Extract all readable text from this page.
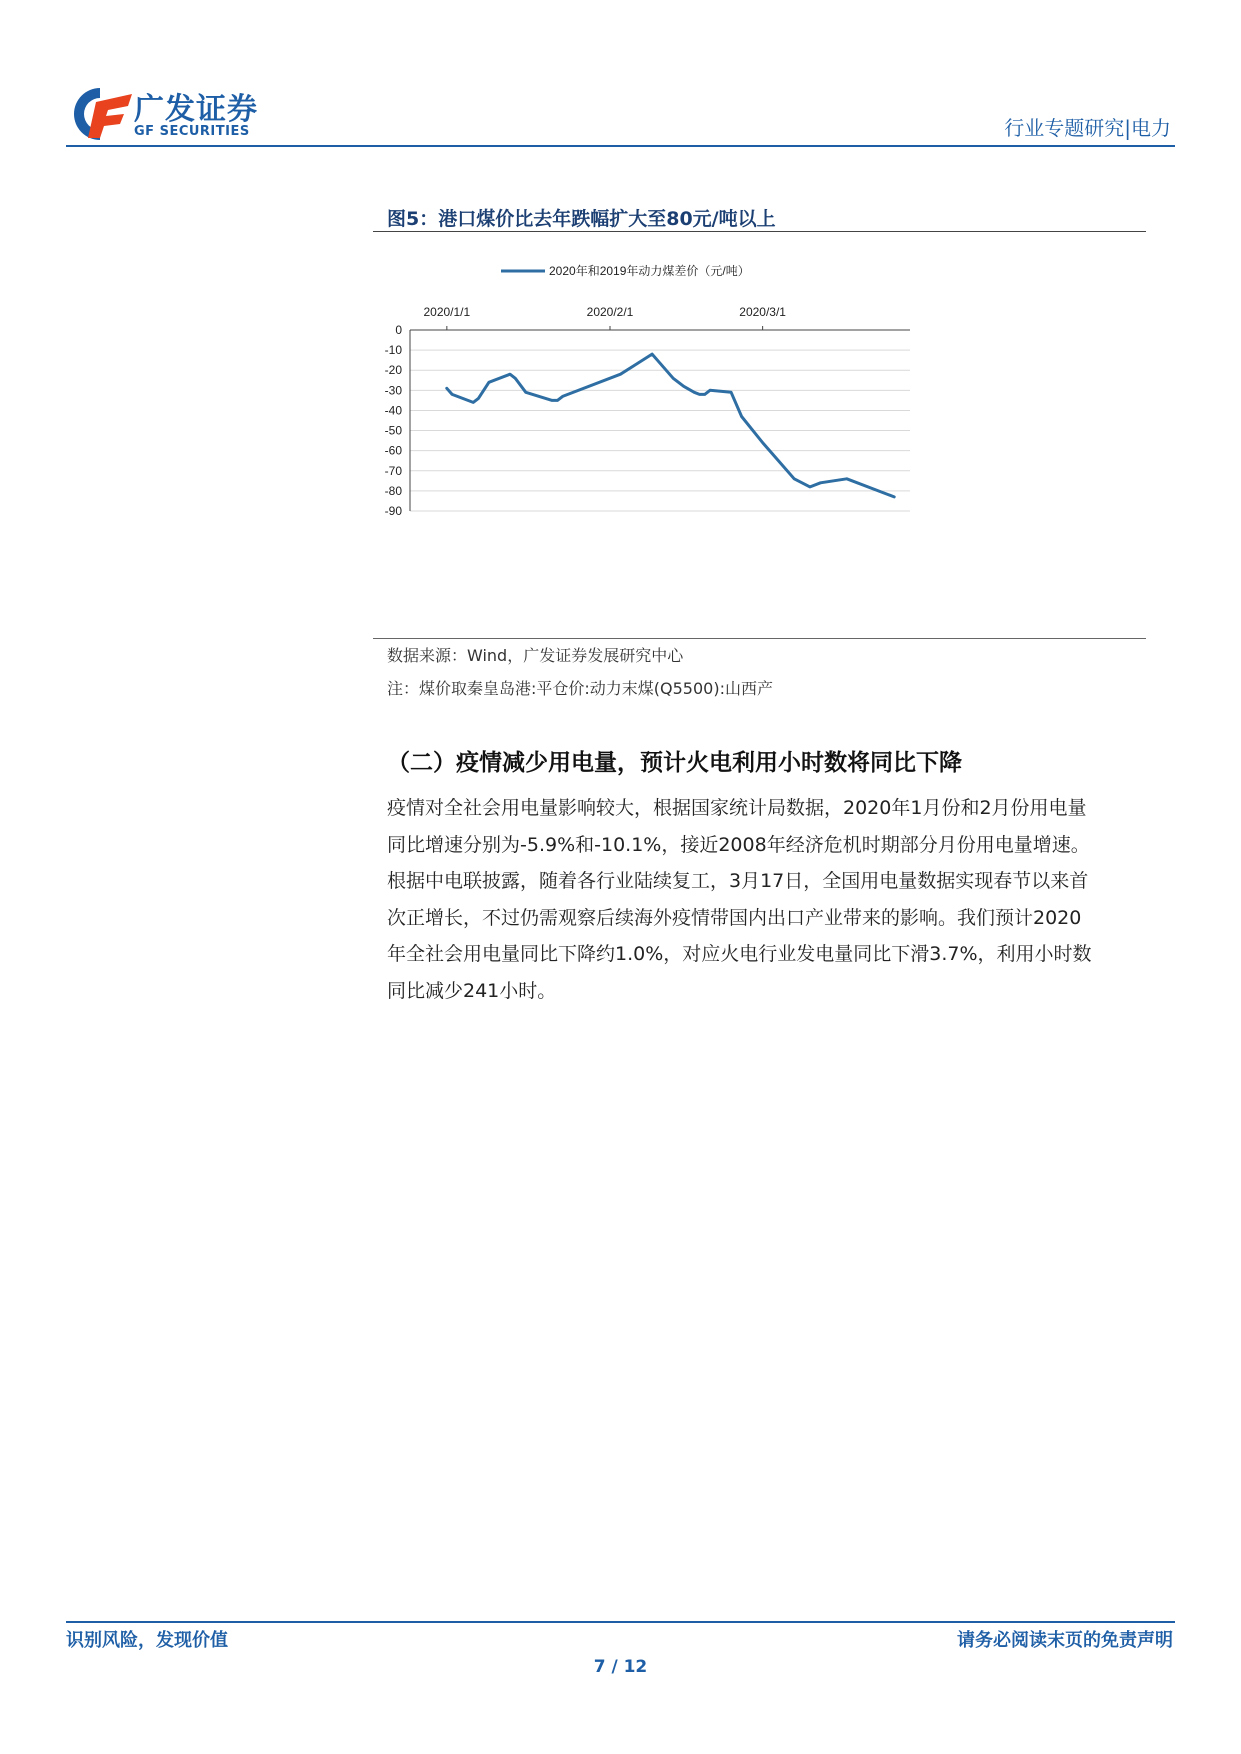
广发证券
GF SECURITIES	行业专题研究|电力
图5：港口煤价比去年跌幅扩大至80元/吨以上
0
-10
-20
-30
-40
-50
-60
-70
-80
-90
2020/1/1	2020/2/1	2020/3/1
2020年和2019年动力煤差价（元/吨）
数据来源：Wind，广发证券发展研究中心
注：煤价取秦皇岛港:平仓价:动力末煤(Q5500):山西产
（二）疫情减少用电量，预计火电利用小时数将同比下降
疫情对全社会用电量影响较大，根据国家统计局数据，2020年1月份和2月份用电量
同比增速分别为-5.9%和-10.1%，接近2008年经济危机时期部分月份用电量增速。
根据中电联披露，随着各行业陆续复工，3月17日，全国用电量数据实现春节以来首
次正增长，不过仍需观察后续海外疫情带国内出口产业带来的影响。我们预计2020
年全社会用电量同比下降约1.0%，对应火电行业发电量同比下滑3.7%，利用小时数
同比减少241小时。
识别风险，发现价值	请务必阅读末页的免责声明
7 / 12
